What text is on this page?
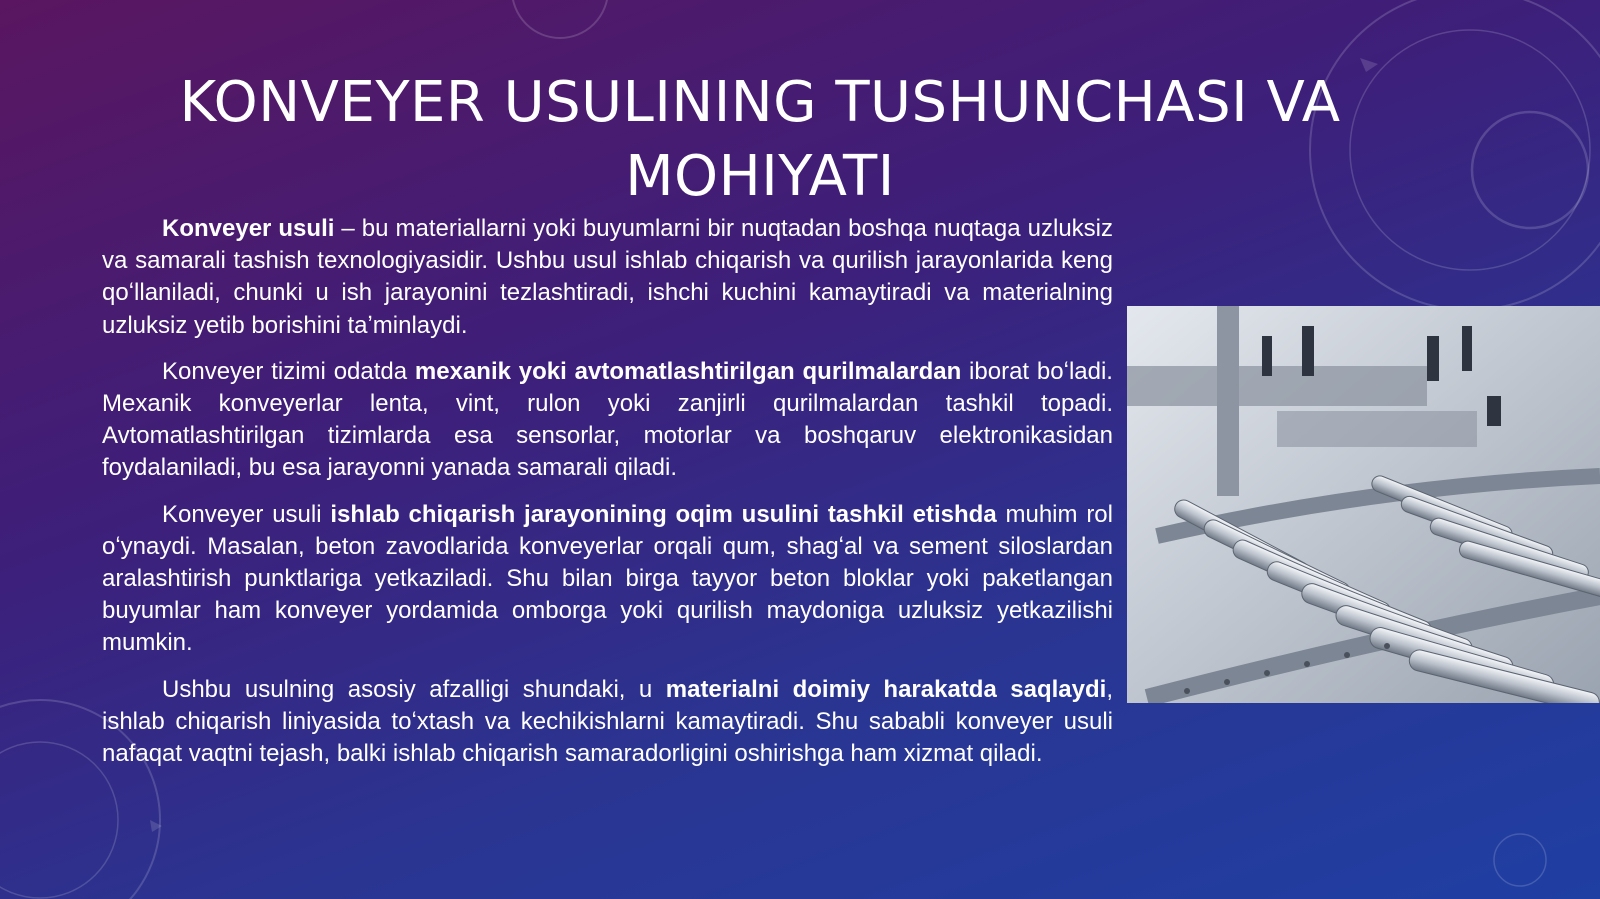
KONVEYER USULINING TUSHUNCHASI VA MOHIYATI

Konveyer usuli – bu materiallarni yoki buyumlarni bir nuqtadan boshqa nuqtaga uzluksiz va samarali tashish texnologiyasidir. Ushbu usul ishlab chiqarish va qurilish jarayonlarida keng qoʻllaniladi, chunki u ish jarayonini tezlashtiradi, ishchi kuchini kamaytiradi va materialning uzluksiz yetib borishini taʼminlaydi.

Konveyer tizimi odatda mexanik yoki avtomatlashtirilgan qurilmalardan iborat boʻladi. Mexanik konveyerlar lenta, vint, rulon yoki zanjirli qurilmalardan tashkil topadi. Avtomatlashtirilgan tizimlarda esa sensorlar, motorlar va boshqaruv elektronikasidan foydalaniladi, bu esa jarayonni yanada samarali qiladi.

Konveyer usuli ishlab chiqarish jarayonining oqim usulini tashkil etishda muhim rol oʻynaydi. Masalan, beton zavodlarida konveyerlar orqali qum, shagʻal va sement siloslardan aralashtirish punktlariga yetkaziladi. Shu bilan birga tayyor beton bloklar yoki paketlangan buyumlar ham konveyer yordamida omborga yoki qurilish maydoniga uzluksiz yetkazilishi mumkin.

Ushbu usulning asosiy afzalligi shundaki, u materialni doimiy harakatda saqlaydi, ishlab chiqarish liniyasida toʻxtash va kechikishlarni kamaytiradi. Shu sababli konveyer usuli nafaqat vaqtni tejash, balki ishlab chiqarish samaradorligini oshirishga ham xizmat qiladi.
